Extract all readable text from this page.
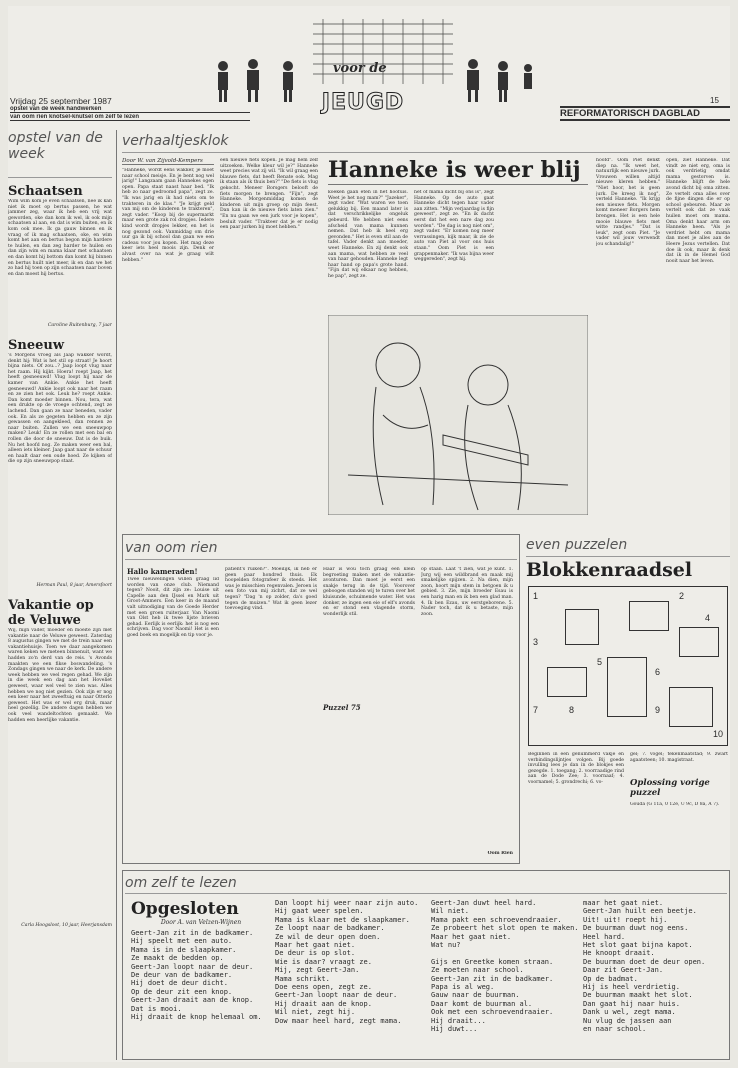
Vrijdag 25 september 1987
opstel van de week handwerken
van oom rien knotsel-knutsel om zelf te lezen
voor de
JEUGD	15
REFORMATORISCH DAGBLAD
opstel van de week
Schaatsen
Wim wim kom je even schaatsen, nee ik kan niet ik moet op bertus passen, he wat jammer zeg, waar ik heb een vrij wat geworden, oke dan kom ik wel, ik ook mijn schaatsen al aan, en dat is wim buiten, en ik kom ook mee. Ik ga gauw binnen en ik vraag of ik mag schaatsen, oke, en wim komt het aan en bertus begon mijn hardere te huilen, en dan zeg harder te huilen en dan zijn wim en mama klaar met schaatsen en dan komt hij bottom dan komt hij binnen en bertus huilt niet meer, ik en dan we het zo had hij toen op zijn schaatsen naar boven en dan moest hij bertus.
Caroline Ruitenburg, 7 jaar
Sneeuw
's Morgens vroeg als Jaap wakker wordt, denkt hij: Wat is het stil op straat! Je hoort bijna niets. Of zou...? Jaap loopt vlug naar het raam. Hij kijkt. Hoera! roept Jaap, het heeft gesneeuwd! Vlug loopt hij naar de kamer van Ankie. Ankie het heeft gesneeuwd! Ankie loopt ook naar het raam en ze zien het ook. Leuk he? roept Ankie. Dan komt moeder binnen. Nou, tera, wat een drukte op de vroege ochtend, zegt ze lachend. Dan gaan ze naar beneden, vader ook. En als ze gegeten hebben en ze zijn gewassen en aangekleed, dan rennen ze naar buiten. Zullen we een sneeuwpop maken? Leuk! En ze rollen met een bal en rollen die door de sneeuw. Dat is de buik. Nu het hoofd nog. Ze maken weer een bal, alleen iets kleiner. Jaap gaat naar de schuur en haalt daar een oude hoed. Ze kijken of die op zijn sneeuwpop staat.
Herman Paul, 8 jaar, Amersfoort
Vakantie op de Veluwe
Wij, mijn vader, moeder en moeite zijn met vakantie naar de Veluwe geweest. Zaterdag 8 augustus gingen we met de trein naar een vakantiehuisje. Toen we daar aangekomen waren keken we meteen binnenuit, want we hadden zo'n derd van de reis. 's Avonds maakten we een fikse boswandeling. 's Zondags gingen we naar de kerk. De andere week hebben we veel regen gehad. We zijn in die week een dag aan het Hoveliet geweest, waar wel veel te zien was. Alles hebben we nog niet gezien. Ook zijn er nog een keer naar het zweeftuig en naar Otterlo geweest. Het was er wel erg druk, maar heel gezellig. De andere dagen hebben we ook veel wandeltochten gemaakt. We hadden een heerlijke vakantie.
Carla Hoogsloot, 10 jaar, Heerjansdam
verhaaltjesklok
Door W. van Zijvold-Kempers
"Hanneke, wordt eens wakker, je moet naar school meisje. En je bent nog wel jarig!" Langzaam gaan Hannekes ogen open. Papa staat naast haar bed. "Ik heb zo naar gedroomd papa", zegt ze. "Ik was jarig en ik had niets om te trakteren in de klas." "Je krijgt geld van mij om de kinderen te trakteren", zegt vader. "Koop bij de supermarkt maar een grote zak rol dropjes. Iedere kind wordt dropjes lekker, en het is nog gezond ook. Vanmiddag om drie uur ga ik bij school dan gaan we een cadeau voor jou kopen. Het mag deze keer iets heel moois zijn. Denk er alvast over na wat je graag wilt hebben."
een nieuwe fiets kopen. Je mag hem zelf uitzoeken. Welke kleur wil je?" Hanneke weet precies wat zij wil. "Ik wil graag een blauwe fiets, dat heeft Renate ook. Mag ik staan als ik thuis ben?" "De fiets is vlug gekocht. Meneer Borsgers belooft de fiets morgen te brengen. "Fijn", zegt Hanneke. Morgenmiddag komen de kinderen uit mijn groep op mijn feest. Dan kan ik de nieuwe fiets laten zien." "En nu gaan we een jurk voor je kopen", besluit vader. "Trakteer dat je er nodig een paar jurken bij moet hebben."
Hanneke is weer blij
koeken gaan eten in het hoofuis. Weet je het nog mam?" "Jazeker", zegt vader. "Wat waren we toen gelukkig bij. Een maand later is dat verschrikkelijke ongeluk gebeurd. We hebben niet eens afscheid van mama kunnen nemen. Dat heb ik heel erg gevonden." Het is even stil aan de tafel. Vader denkt aan moeder, weet Hanneke. En zij denkt ook aan mama, wat hebben ze veel van haar gehouden. Hanneke legt haar hand op papa's grote hand. "Fijn dat wij elkaar nog hebben, he pap", zegt ze.
net of mama dicht bij ons is", zegt Hanneke. Op de auto gaat Hanneke dicht tegen haar vader aan zitten. "Mijn verjaardag is fijn geweest", zegt ze. "En ik dacht eerst dat het een nare dag zou worden". "De dag is nog niet om", zegt vader. "Er komen nog meer verrassingen, kijk maar, ik zie de auto van Piet al voor ons huis staan." Oom Piet is een grappenmaker. "Ik was bijna weer weggereden", zegt hij.
hoofd". Oom Piet denkt diep na. "Ik weet het, natuurlijk een nieuwe jurk. Vrouwen willen altijd nieuwe kleren hebben." "Niet hoor, het is geen jurk. De kreeg ik nog", verteld Hanneke. "Ik krijg een nieuwe fiets. Morgen komt meneer Borgers hem brengen. Het is een hele mooie blauwe fiets met witte randjes." "Dat is leuk", zegt oom Piet. "Je vader wil jouw verwendt jou schandalig!"
open, ziet Hanneke. Dat vindt ze niet erg, oma is ook verdrietig omdat mama gestorven is. Hanneke blijft de hele avond dicht bij oma zitten. Ze vertelt oma alles over de fijne dingen die er op school gebeuren. Maar ze vertelt ook dat ze vaak huilen moet om mama. Oma denkt haar arm om Hanneke heen. "Als je verdriet hebt om mama dan moet je alles aan de Heere Jezus vertellen. Dat doe ik ook, maar ik denk dat ik in de Hemel God nooit naar het leven.
van oom rien
Hallo kameraden!
Twee nieuwelingen willen graag lid worden van onze club. Niemand tegen? Nooit, dit zijn ze: Louise uit Capelle aan den IJssel en Mark uit Groot-Ammers. Een keer in de maand valt uitnodiging van de Goede Herder met een groen ruiterjaar. Van Naomi van Olst heb ik twee lijste brieven gehad. Eerlijk is eerlijk: het is nog een schrijven. Dag voor Naomi! Het is een goed boek en mogelijk en tip voor je.
patiënt's ruiken?". Moeilijk, ik heb er geen paar hondred thuis. Ek hoopelden fotografeer ik steeds. Het was je misschien regenvalen. Jeroen is een foto van mij zichrt, dat ze wel tegen? "Dag 'n op zolder, da's goed tegen de muizen." Wat ik geen lezer toevoeging vind.
Haar is wou toch graag een klein begroeting maken met de vakantie-avonturen. Dan moet je eerst een snakje terug in de tijd. Voorover geboogen standen wij te turen over het kluisunde, schuimende water. Het was donker, ze ingen een eie of elf's avonds en er stond een vlagende storm, wonderlijk stil.
Puzzel 75
op staan. Laat 't zien, wat je kunt. 1. Jurg wij een wildbrand en maak mij smakelijke spijzen. 2. Na dien, mijn zoon, hoort mijn stem in betgoen ik u gebied. 3. Zie, mijn broeder Esau is een harig man en ik ben een glad man. 4. Ik ben Ezau, uw eerstgeborene. 5. Nader toch, dat ik u betaste, mijn zoon.
Oom Rien
even puzzelen
Blokkenraadsel
1	2
3
4
5
6
7	8	9
10
Beginnen in een genummerd vakje en verbindingslijntjes volgen. Bij goede invulling lees je dan in de blokjes een gezegde. 1. toegang; 2. voorraadige rind aan de Dode Zee; 3. voornaaf; 4. voornamel; 5. grondrechi; 6. vo-
gel; 7. vogel; tekenmaatstad; 9. zwart agaatsteen; 10. magistraat.
Oplossing vorige puzzel
Gouda (G 11a, 0 12e, U 9c, D 8a, A 7).
om zelf te lezen
Opgesloten
Door A. van Velzen-Wijnen
Geert-Jan zit in de badkamer.
Hij speelt met een auto.
Mama is in de slaapkamer.
Ze maakt de bedden op.
Geert-Jan loopt naar de deur.
De deur van de badkamer.
Hij doet de deur dicht.
Op de deur zit een knop.
Geert-Jan draait aan de knop.
Dat is mooi.
Hij draait de knop helemaal om.
Dan loopt hij weer naar zijn auto.
Hij gaat weer spelen.
Mama is klaar met de slaapkamer.
Ze loopt naar de badkamer.
Ze wil de deur open doen.
Maar het gaat niet.
De deur is op slot.
Wie is daar? vraagt ze.
Mij, zegt Geert-Jan.
Mama schrikt.
Doe eens open, zegt ze.
Geert-Jan loopt naar de deur.
Hij draait aan de knop.
Wil niet, zegt hij.
Dow maar heel hard, zegt mama.
Geert-Jan duwt heel hard.
Wil niet.
Mama pakt een schroevendraaier.
Ze probeert het slot open te maken.
Maar het gaat niet.
Wat nu?

Gijs en Greetke komen straan.
Ze moeten naar school.
Geert-Jan zit in de badkamer.
Papa is al weg.
Gauw naar de buurman.
Daar komt de buurman al.
Ook met een schroevendraaier.
Hij draait...
Hij duwt...
maar het gaat niet.
Geert-Jan huilt een beetje.
Uit! uit! roept hij.
De buurman duwt nog eens.
Heel hard.
Het slot gaat bijna kapot.
He knoopt draait.
De buurman doet de deur open.
Daar zit Geert-Jan.
Op de badmat.
Hij is heel verdrietig.
De buurman maakt het slot.
Dan gaat hij naar huis.
Dank u wel, zegt mama.
Nu vlug de jassen aan
en naar school.
